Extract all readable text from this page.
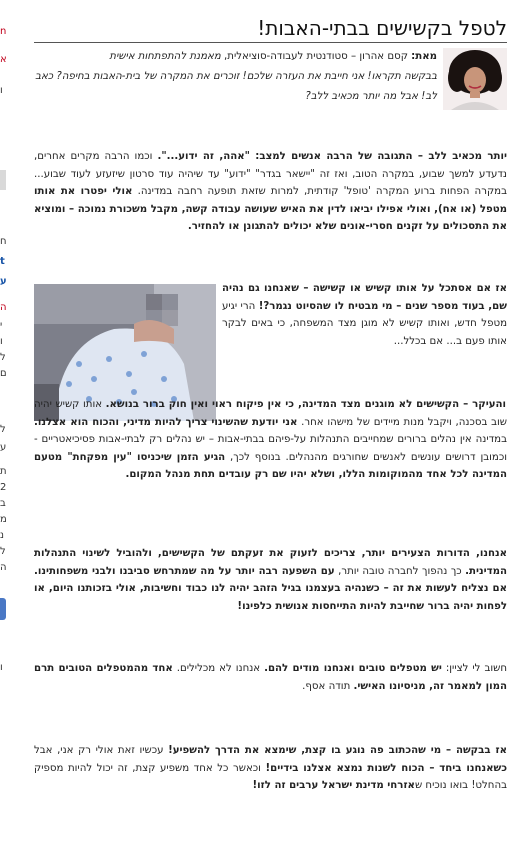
n
א
ו
ח
t
ע
ה
י
ו
ל
ם
ל
ע
ת
2
ב
מ
נ
ל
ה
ו
לטפל בקשישים בבתי-האבות!
מאת: קסם אהרון – סטודנטית לעבודה-סוציאלית, מאמנת להתפתחות אישית
בבקשה תקראו! אני חייבת את העזרה שלכם! זוכרים את המקרה של בית-האבות בחיפה? כאב לב! אבל מה יותר מכאיב ללב?

יותר מכאיב ללב – התגובה של הרבה אנשים למצב: "אהה, זה ידוע...". וכמו הרבה מקרים אחרים, נדעדע למשך שבוע, במקרה הטוב, ואז זה "יישאר בגדר" "ידוע" עד שיהיה עוד סרטון שיזעזע לעוד שבוע... במקרה הפחות ברוע המקרה 'טופל' קודתית, למרות שזאת תופעה רחבה במדינה. אולי יפטרו את אותו מטפל (או אח), ואולי אפילו יביאו לדין את האיש שעושה עבודה קשה, מקבל משכורת נמוכה – ומוציא את התסכולים על זקנים חסרי-אונים שלא יכולים להתגונן או להחזיר.

אז אם אסתכל על אותו קשיש או קשישה – שאנחנו גם נהיה שם, בעוד מספר שנים – מי מבטיח לו שהסיוט נגמר?! הרי יגיע מטפל חדש, ואותו קשיש לא מוגן מצד המשפחה, כי באים לבקר אותו פעם ב... אם בכלל...

והעיקר – הקשישים לא מוגנים מצד המדינה, כי אין פיקוח ראוי ואין חוק ברור בנושא. אותו קשיש יהיה שוב בסכנה, ויקבל מנות מיידים של מישהו אחר. אני יודעת שהשינוי צריך להיות מדיני, והכוח הוא אצלנו. במדינה אין נהלים ברורים שמחייבים התנהלות על-פיהם בבתי-אבות – יש נהלים רק לבתי-אבות פסיכיאטריים -וכמובן דרושים עונשים לאנשים שחורגים מהנהלים. בנוסף לכך, הגיע הזמן שיכניסו "עין מפקחת" מטעם המדינה לכל אחד מהמוקומות הללו, ושלא יהיו שם רק עובדים תחת מנהל המקום.

אנחנו, הדורות הצעירים יותר, צריכים לזעוק את זעקתם של הקשישים, ולהוביל לשינוי התנהלות המדינית. כך נהפוך לחברה טובה יותר, עם השפעה רבה יותר על מה שמתרחש סביבנו ולבני משפחותינו. אם נצליח לעשות את זה – כשנהיה בעצמנו בגיל הזהב יהיה לנו כבוד וחשיבות, אולי בזכותנו היום, או לפחות יהיה ברור שחייבת להיות התייחסות אנושית כלפינו!

חשוב לי לציין: יש מטפלים טובים ואנחנו מודים להם. אנחנו לא מכלילים. אחד מהמטפלים הטובים תרם המון למאמר זה, מניסיונו האישי. תודה אסף.

אז בבקשה – מי שהכתוב פה נוגע בו קצת, שימצא את הדרך להשפיע! עכשיו זאת אולי רק אני, אבל כשאנחנו ביחד – הכוח לשנות נמצא אצלנו בידיים! וכאשר כל אחד משפיע קצת, זה יכול להיות מספיק בהחלט! בואו נוכיח שאזרחי מדינת ישראל ערבים זה לזו!
